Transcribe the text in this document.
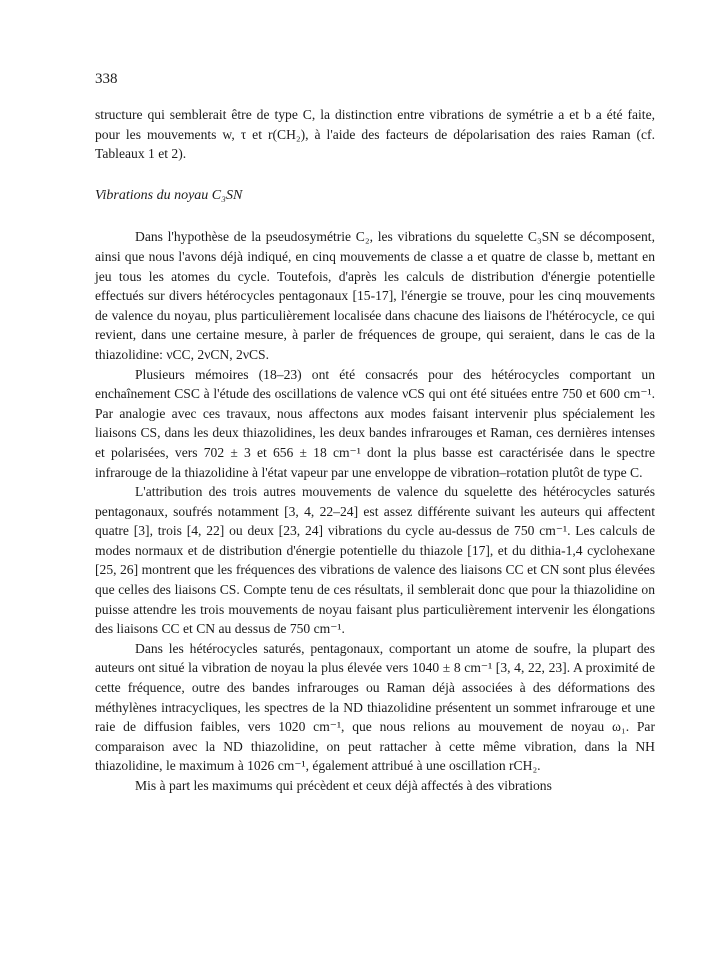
338

structure qui semblerait être de type C, la distinction entre vibrations de symétrie a et b a été faite, pour les mouvements w, τ et r(CH₂), à l'aide des facteurs de dépolarisation des raies Raman (cf. Tableaux 1 et 2).

Vibrations du noyau C₃SN

Dans l'hypothèse de la pseudosymétrie C₂, les vibrations du squelette C₃SN se décomposent, ainsi que nous l'avons déjà indiqué, en cinq mouvements de classe a et quatre de classe b, mettant en jeu tous les atomes du cycle. Toutefois, d'après les calculs de distribution d'énergie potentielle effectués sur divers hétérocycles pentagonaux [15-17], l'énergie se trouve, pour les cinq mouvements de valence du noyau, plus particulièrement localisée dans chacune des liaisons de l'hétérocycle, ce qui revient, dans une certaine mesure, à parler de fréquences de groupe, qui seraient, dans le cas de la thiazolidine: νCC, 2νCN, 2νCS.

Plusieurs mémoires (18–23) ont été consacrés pour des hétérocycles comportant un enchaînement CSC à l'étude des oscillations de valence νCS qui ont été situées entre 750 et 600 cm⁻¹. Par analogie avec ces travaux, nous affectons aux modes faisant intervenir plus spécialement les liaisons CS, dans les deux thiazolidines, les deux bandes infrarouges et Raman, ces dernières intenses et polarisées, vers 702 ± 3 et 656 ± 18 cm⁻¹ dont la plus basse est caractérisée dans le spectre infrarouge de la thiazolidine à l'état vapeur par une enveloppe de vibration–rotation plutôt de type C.

L'attribution des trois autres mouvements de valence du squelette des hétérocycles saturés pentagonaux, soufrés notamment [3, 4, 22–24] est assez différente suivant les auteurs qui affectent quatre [3], trois [4, 22] ou deux [23, 24] vibrations du cycle au-dessus de 750 cm⁻¹. Les calculs de modes normaux et de distribution d'énergie potentielle du thiazole [17], et du dithia-1,4 cyclohexane [25, 26] montrent que les fréquences des vibrations de valence des liaisons CC et CN sont plus élevées que celles des liaisons CS. Compte tenu de ces résultats, il semblerait donc que pour la thiazolidine on puisse attendre les trois mouvements de noyau faisant plus particulièrement intervenir les élongations des liaisons CC et CN au dessus de 750 cm⁻¹.

Dans les hétérocycles saturés, pentagonaux, comportant un atome de soufre, la plupart des auteurs ont situé la vibration de noyau la plus élevée vers 1040 ± 8 cm⁻¹ [3, 4, 22, 23]. A proximité de cette fréquence, outre des bandes infrarouges ou Raman déjà associées à des déformations des méthylènes intracycliques, les spectres de la ND thiazolidine présentent un sommet infrarouge et une raie de diffusion faibles, vers 1020 cm⁻¹, que nous relions au mouvement de noyau ω₁. Par comparaison avec la ND thiazolidine, on peut rattacher à cette même vibration, dans la NH thiazolidine, le maximum à 1026 cm⁻¹, également attribué à une oscillation rCH₂.

Mis à part les maximums qui précèdent et ceux déjà affectés à des vibrations
